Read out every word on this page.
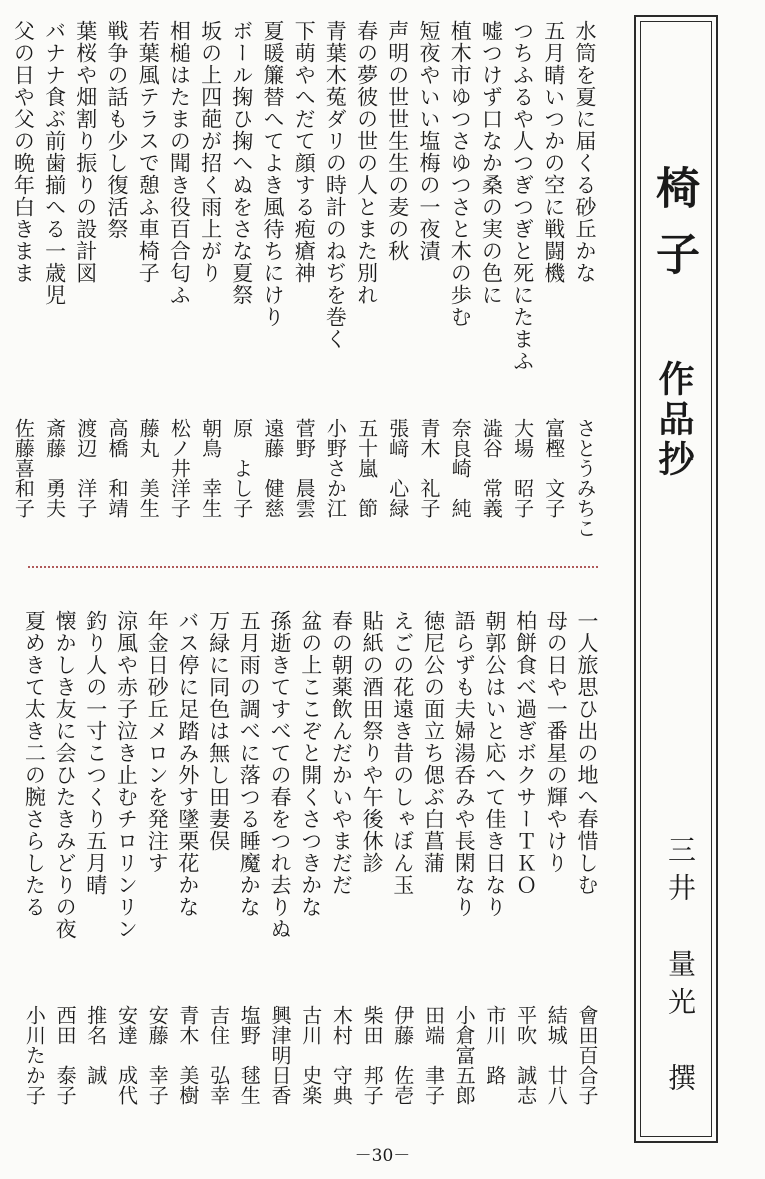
椅子
作品抄
三井　量光　撰
水筒を夏に届くる砂丘かな
さとうみちこ
五月晴いつかの空に戦闘機
富樫　文子
つちふるや人つぎつぎと死にたまふ
大場　昭子
嘘つけず口なか桑の実の色に
澁谷　常義
植木市ゆつさゆつさと木の歩む
奈良崎　純
短夜やいい塩梅の一夜漬
青木　礼子
声明の世世生生の麦の秋
張﨑　心緑
春の夢彼の世の人とまた別れ
五十嵐　節
青葉木菟ダリの時計のねぢを巻く
小野さか江
下萌やへだて顔する疱瘡神
菅野　晨雲
夏暖簾替へてよき風待ちにけり
遠藤　健慈
ボール掬ひ掬へぬをさな夏祭
原　よし子
坂の上四葩が招く雨上がり
朝鳥　幸生
相槌はたまの聞き役百合匂ふ
松ノ井洋子
若葉風テラスで憩ふ車椅子
藤丸　美生
戦争の話も少し復活祭
高橋　和靖
葉桜や畑割り振りの設計図
渡辺　洋子
バナナ食ぶ前歯揃へる一歳児
斎藤　勇夫
父の日や父の晩年白きまま
佐藤喜和子
一人旅思ひ出の地へ春惜しむ
會田百合子
母の日や一番星の輝やけり
結城　廿八
柏餅食べ過ぎボクサーＴＫＯ
平吹　誠志
朝郭公はいと応へて佳き日なり
市川　路
語らずも夫婦湯呑みや長閑なり
小倉富五郎
徳尼公の面立ち偲ぶ白菖蒲
田端　聿子
えごの花遠き昔のしゃぼん玉
伊藤　佐壱
貼紙の酒田祭りや午後休診
柴田　邦子
春の朝薬飲んだかいやまだだ
木村　守典
盆の上ここぞと開くさつきかな
古川　史楽
孫逝きてすべての春をつれ去りぬ
興津明日香
五月雨の調べに落つる睡魔かな
塩野　毬生
万緑に同色は無し田妻俣
吉住　弘幸
バス停に足踏み外す墜栗花かな
青木　美樹
年金日砂丘メロンを発注す
安藤　幸子
涼風や赤子泣き止むチロリンリン
安達　成代
釣り人の一寸こつくり五月晴
推名　誠
懐かしき友に会ひたきみどりの夜
西田　泰子
夏めきて太き二の腕さらしたる
小川たか子
－30－
